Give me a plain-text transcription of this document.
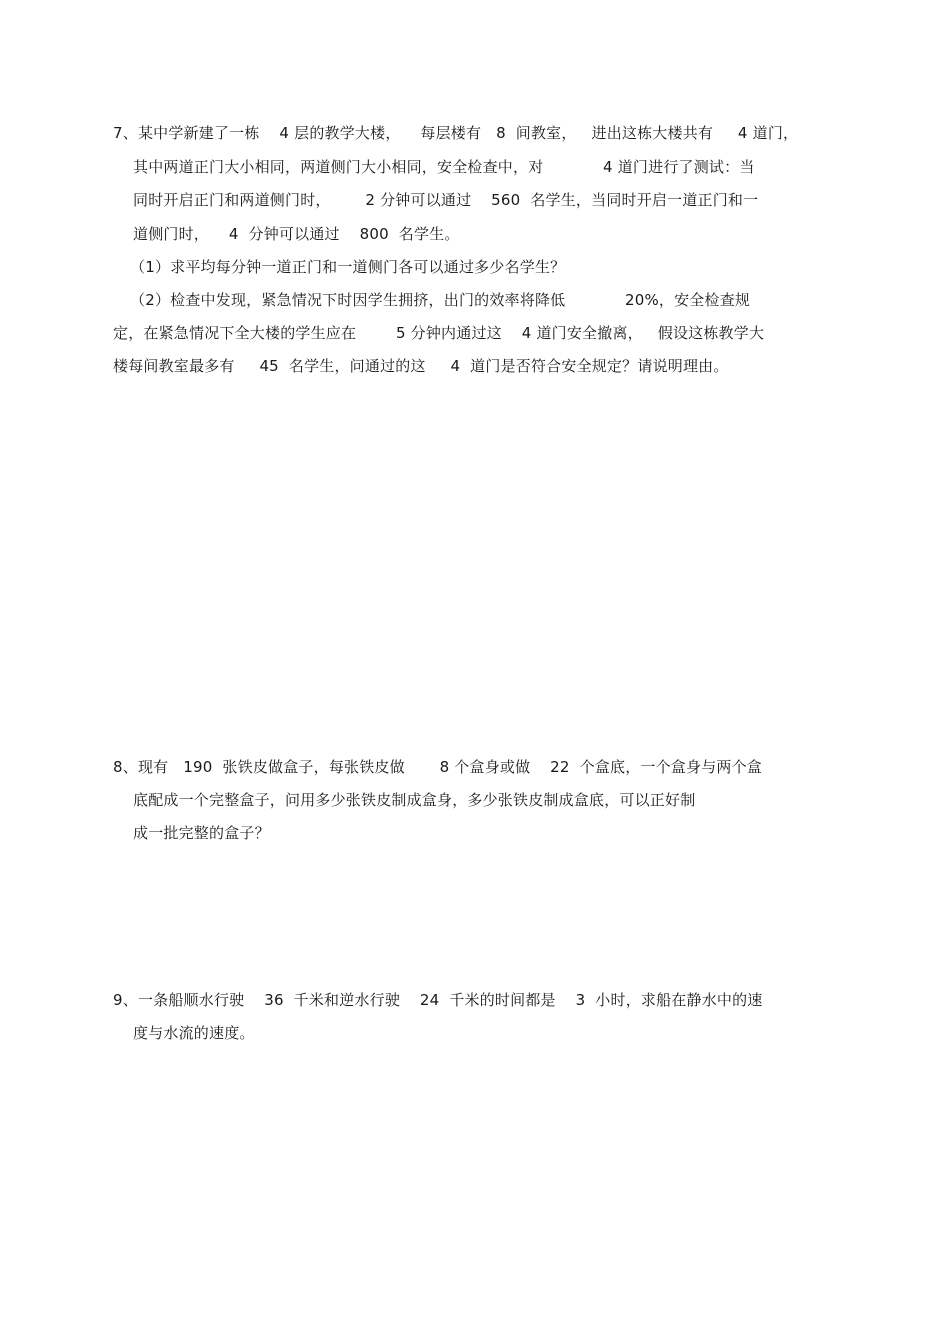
7、某中学新建了一栋    4 层的教学大楼，    每层楼有   8  间教室，   进出这栋大楼共有     4 道门，
其中两道正门大小相同，两道侧门大小相同，安全检查中，对            4 道门进行了测试：当
同时开启正门和两道侧门时，       2 分钟可以通过    560  名学生，当同时开启一道正门和一
道侧门时，    4  分钟可以通过    800  名学生。
（1）求平均每分钟一道正门和一道侧门各可以通过多少名学生？
（2）检查中发现，紧急情况下时因学生拥挤，出门的效率将降低            20%，安全检查规
定，在紧急情况下全大楼的学生应在        5 分钟内通过这    4 道门安全撤离，   假设这栋教学大
楼每间教室最多有     45  名学生，问通过的这     4  道门是否符合安全规定？请说明理由。
8、现有   190  张铁皮做盒子，每张铁皮做       8 个盒身或做    22  个盒底，一个盒身与两个盒
底配成一个完整盒子，问用多少张铁皮制成盒身，多少张铁皮制成盒底，可以正好制
成一批完整的盒子？
9、一条船顺水行驶    36  千米和逆水行驶    24  千米的时间都是    3  小时，求船在静水中的速
度与水流的速度。
